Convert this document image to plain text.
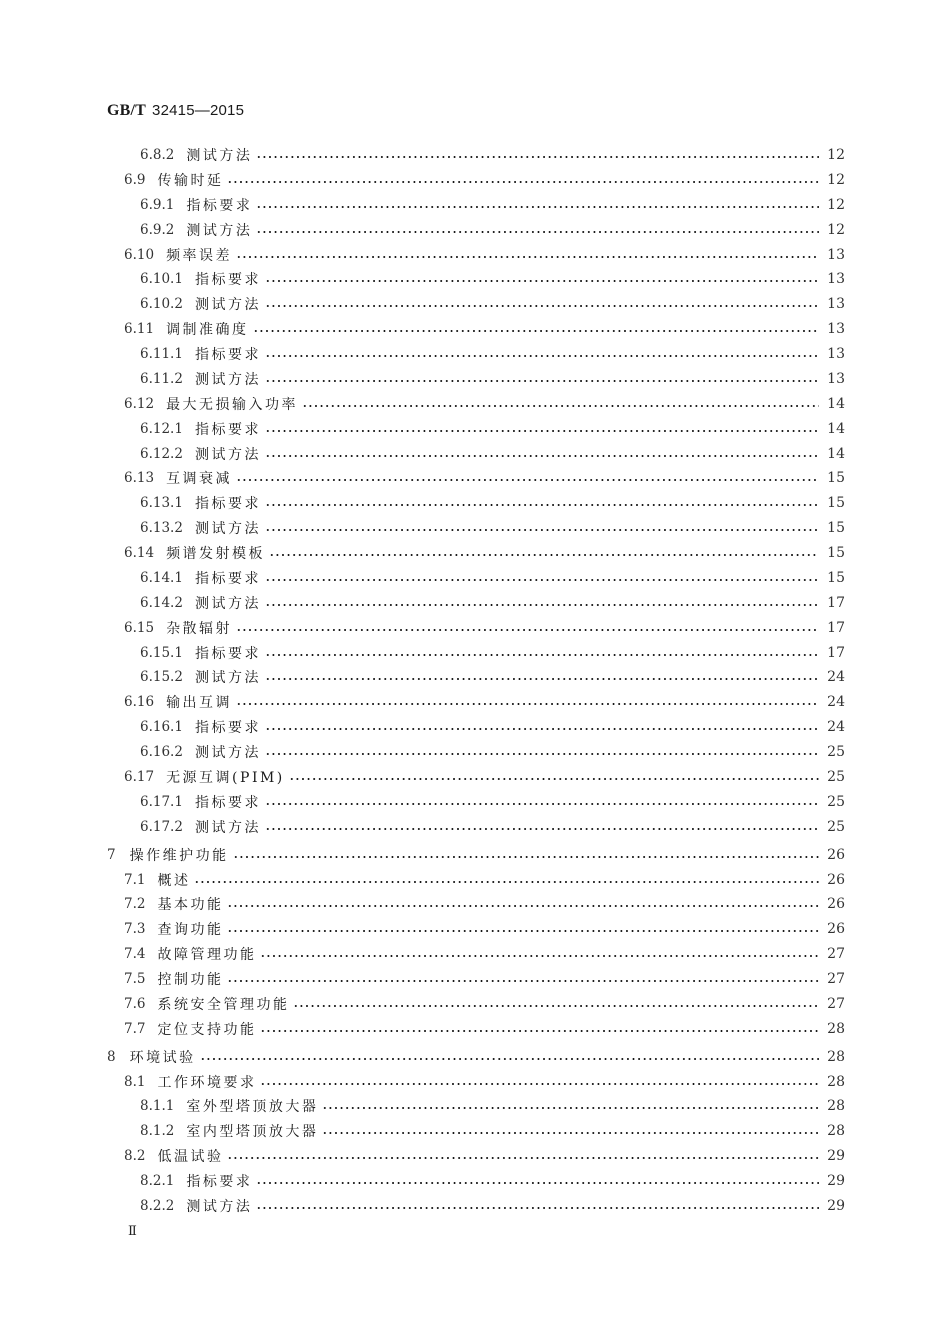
GB/T 32415—2015
6.8.2 测试方法	12
6.9 传输时延	12
6.9.1 指标要求	12
6.9.2 测试方法	12
6.10 频率误差	13
6.10.1 指标要求	13
6.10.2 测试方法	13
6.11 调制准确度	13
6.11.1 指标要求	13
6.11.2 测试方法	13
6.12 最大无损输入功率	14
6.12.1 指标要求	14
6.12.2 测试方法	14
6.13 互调衰减	15
6.13.1 指标要求	15
6.13.2 测试方法	15
6.14 频谱发射模板	15
6.14.1 指标要求	15
6.14.2 测试方法	17
6.15 杂散辐射	17
6.15.1 指标要求	17
6.15.2 测试方法	24
6.16 输出互调	24
6.16.1 指标要求	24
6.16.2 测试方法	25
6.17 无源互调(PIM)	25
6.17.1 指标要求	25
6.17.2 测试方法	25
7 操作维护功能	26
7.1 概述	26
7.2 基本功能	26
7.3 查询功能	26
7.4 故障管理功能	27
7.5 控制功能	27
7.6 系统安全管理功能	27
7.7 定位支持功能	28
8 环境试验	28
8.1 工作环境要求	28
8.1.1 室外型塔顶放大器	28
8.1.2 室内型塔顶放大器	28
8.2 低温试验	29
8.2.1 指标要求	29
8.2.2 测试方法	29
Ⅱ
